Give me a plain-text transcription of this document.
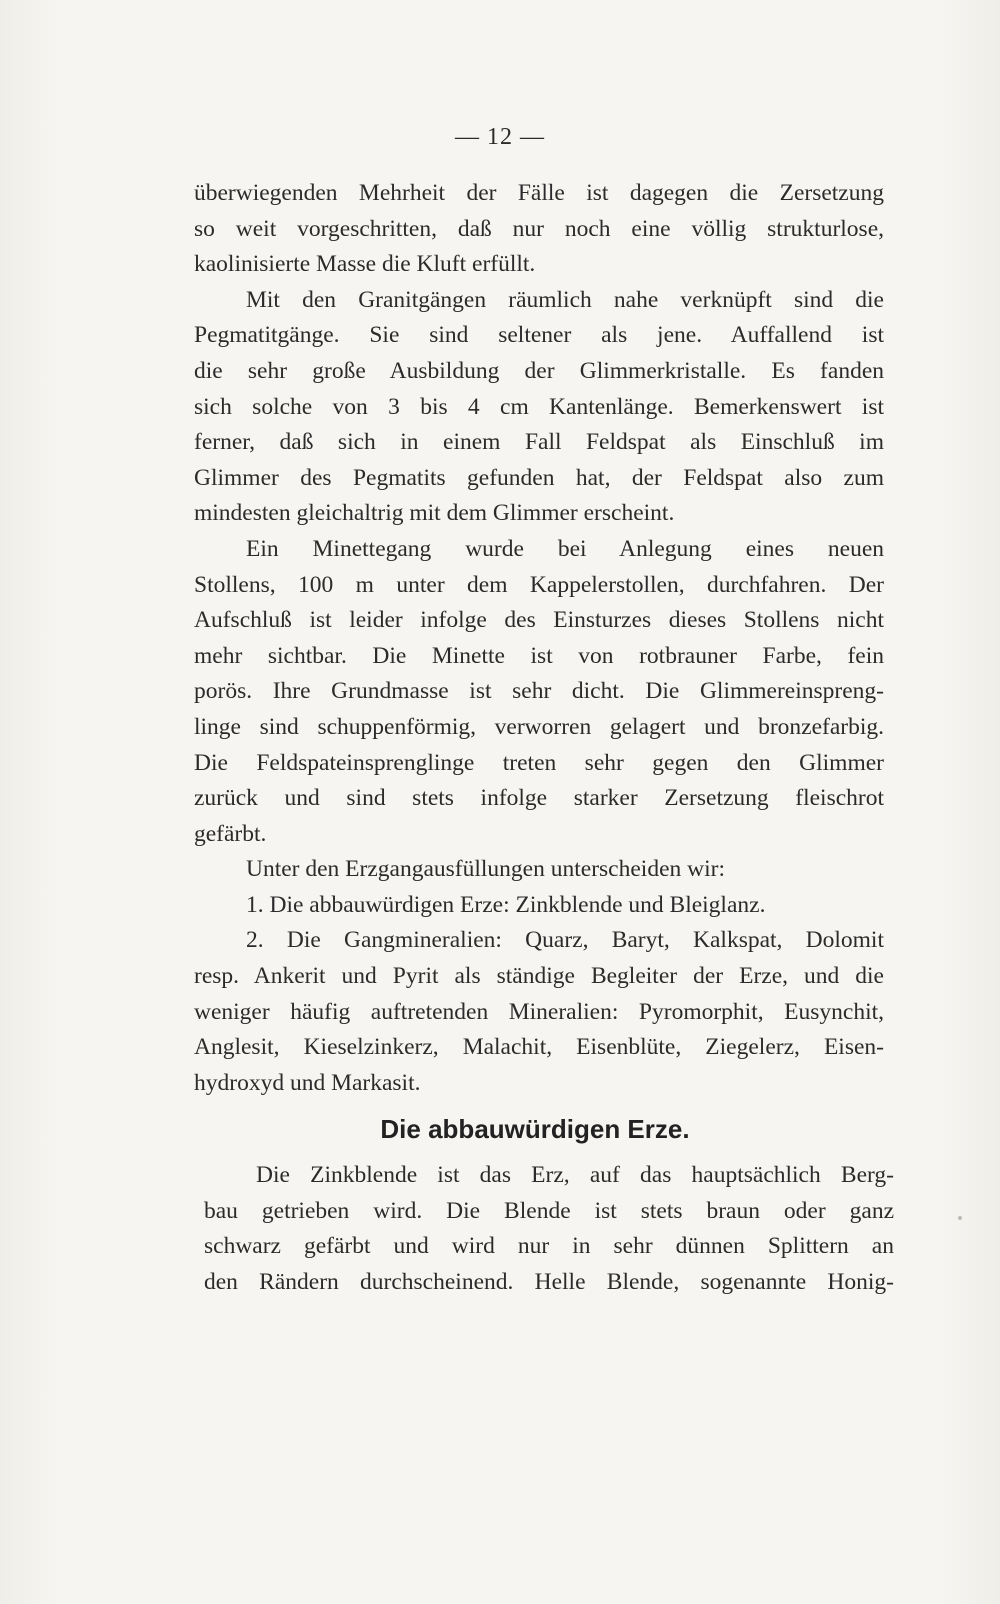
— 12 —
überwiegenden Mehrheit der Fälle ist dagegen die Zersetzung
so weit vorgeschritten, daß nur noch eine völlig strukturlose,
kaolinisierte Masse die Kluft erfüllt.
Mit den Granitgängen räumlich nahe verknüpft sind die
Pegmatitgänge. Sie sind seltener als jene. Auffallend ist
die sehr große Ausbildung der Glimmerkristalle. Es fanden
sich solche von 3 bis 4 cm Kantenlänge. Bemerkenswert ist
ferner, daß sich in einem Fall Feldspat als Einschluß im
Glimmer des Pegmatits gefunden hat, der Feldspat also zum
mindesten gleichaltrig mit dem Glimmer erscheint.
Ein Minettegang wurde bei Anlegung eines neuen
Stollens, 100 m unter dem Kappelerstollen, durchfahren. Der
Aufschluß ist leider infolge des Einsturzes dieses Stollens nicht
mehr sichtbar. Die Minette ist von rotbrauner Farbe, fein
porös. Ihre Grundmasse ist sehr dicht. Die Glimmereinspreng-
linge sind schuppenförmig, verworren gelagert und bronzefarbig.
Die Feldspateinsprenglinge treten sehr gegen den Glimmer
zurück und sind stets infolge starker Zersetzung fleischrot
gefärbt.
Unter den Erzgangausfüllungen unterscheiden wir:
1. Die abbauwürdigen Erze: Zinkblende und Bleiglanz.
2. Die Gangmineralien: Quarz, Baryt, Kalkspat, Dolomit
resp. Ankerit und Pyrit als ständige Begleiter der Erze, und die
weniger häufig auftretenden Mineralien: Pyromorphit, Eusynchit,
Anglesit, Kieselzinkerz, Malachit, Eisenblüte, Ziegelerz, Eisen-
hydroxyd und Markasit.
Die abbauwürdigen Erze.
Die Zinkblende ist das Erz, auf das hauptsächlich Berg-
bau getrieben wird. Die Blende ist stets braun oder ganz
schwarz gefärbt und wird nur in sehr dünnen Splittern an
den Rändern durchscheinend. Helle Blende, sogenannte Honig-
